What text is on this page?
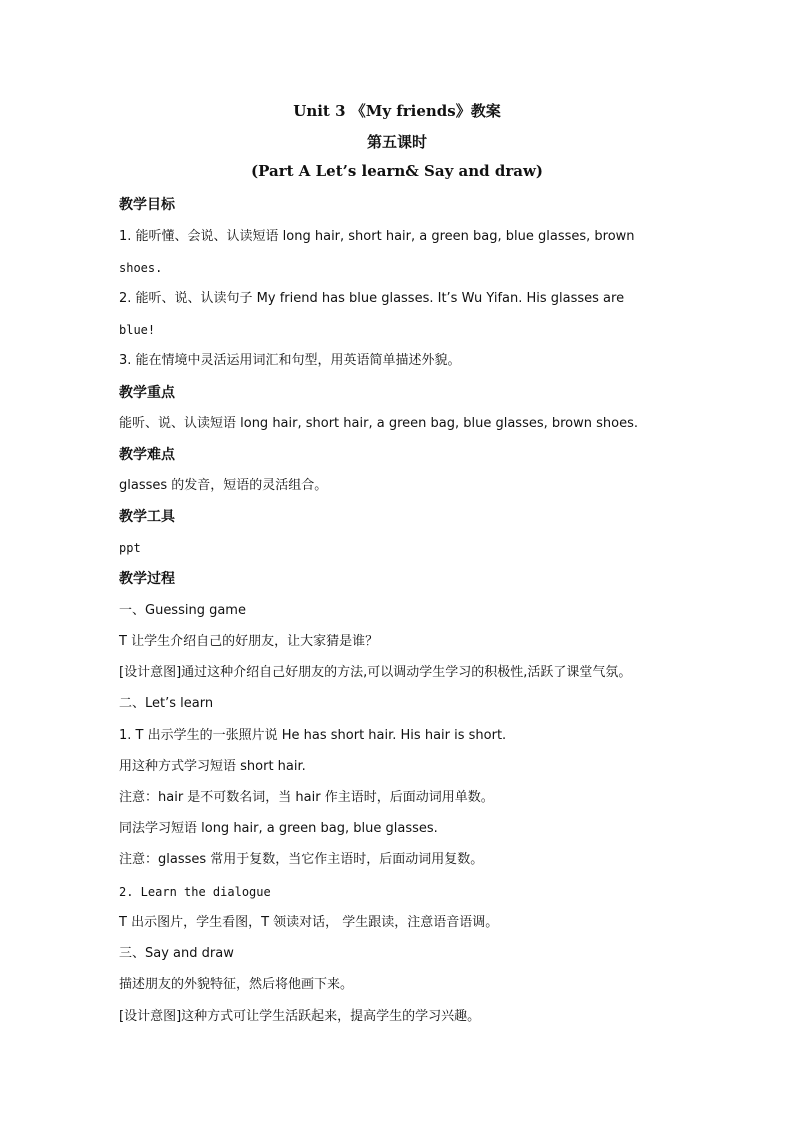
Unit 3 《My friends》教案
第五课时
(Part A Let’s learn& Say and draw)
教学目标
1. 能听懂、会说、认读短语 long hair, short hair, a green bag, blue glasses, brown
shoes.
2. 能听、说、认读句子 My friend has blue glasses. It’s Wu Yifan. His glasses are
blue!
3. 能在情境中灵活运用词汇和句型，用英语简单描述外貌。
教学重点
能听、说、认读短语 long hair, short hair, a green bag, blue glasses, brown shoes.
教学难点
glasses 的发音，短语的灵活组合。
教学工具
ppt
教学过程
一、Guessing game
T 让学生介绍自己的好朋友，让大家猜是谁？
[设计意图]通过这种介绍自己好朋友的方法,可以调动学生学习的积极性,活跃了课堂气氛。
二、Let’s learn
1. T 出示学生的一张照片说 He has short hair. His hair is short.
用这种方式学习短语 short hair.
注意：hair 是不可数名词，当 hair 作主语时，后面动词用单数。
同法学习短语 long hair, a green bag, blue glasses.
注意：glasses 常用于复数，当它作主语时，后面动词用复数。
2. Learn the dialogue
T 出示图片，学生看图，T 领读对话， 学生跟读，注意语音语调。
三、Say and draw
描述朋友的外貌特征，然后将他画下来。
[设计意图]这种方式可让学生活跃起来，提高学生的学习兴趣。
